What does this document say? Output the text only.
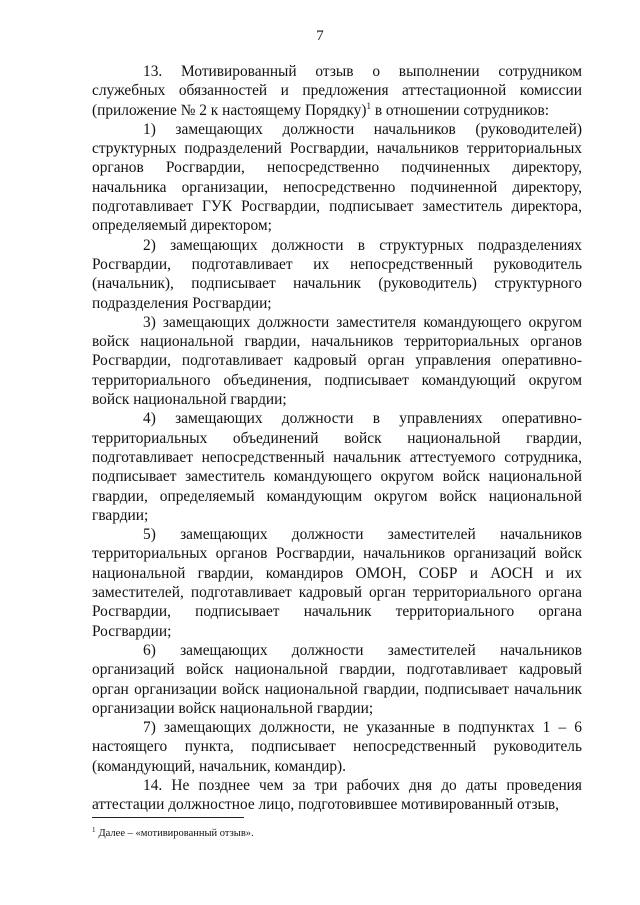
7

13. Мотивированный отзыв о выполнении сотрудником служебных обязанностей и предложения аттестационной комиссии (приложение № 2 к настоящему Порядку)$^1$ в отношении сотрудников:

1) замещающих должности начальников (руководителей) структурных подразделений Росгвардии, начальников территориальных органов Росгвардии, непосредственно подчиненных директору, начальника организации, непосредственно подчиненной директору, подготавливает ГУК Росгвардии, подписывает заместитель директора, определяемый директором;

2) замещающих должности в структурных подразделениях Росгвардии, подготавливает их непосредственный руководитель (начальник), подписывает начальник (руководитель) структурного подразделения Росгвардии;

3) замещающих должности заместителя командующего округом войск национальной гвардии, начальников территориальных органов Росгвардии, подготавливает кадровый орган управления оперативно-территориального объединения, подписывает командующий округом войск национальной гвардии;

4) замещающих должности в управлениях оперативно-территориальных объединений войск национальной гвардии, подготавливает непосредственный начальник аттестуемого сотрудника, подписывает заместитель командующего округом войск национальной гвардии, определяемый командующим округом войск национальной гвардии;

5) замещающих должности заместителей начальников территориальных органов Росгвардии, начальников организаций войск национальной гвардии, командиров ОМОН, СОБР и АОСН и их заместителей, подготавливает кадровый орган территориального органа Росгвардии, подписывает начальник территориального органа Росгвардии;

6) замещающих должности заместителей начальников организаций войск национальной гвардии, подготавливает кадровый орган организации войск национальной гвардии, подписывает начальник организации войск национальной гвардии;

7) замещающих должности, не указанные в подпунктах 1 – 6 настоящего пункта, подписывает непосредственный руководитель (командующий, начальник, командир).

14. Не позднее чем за три рабочих дня до даты проведения аттестации должностное лицо, подготовившее мотивированный отзыв,

$^1$ Далее – «мотивированный отзыв».
